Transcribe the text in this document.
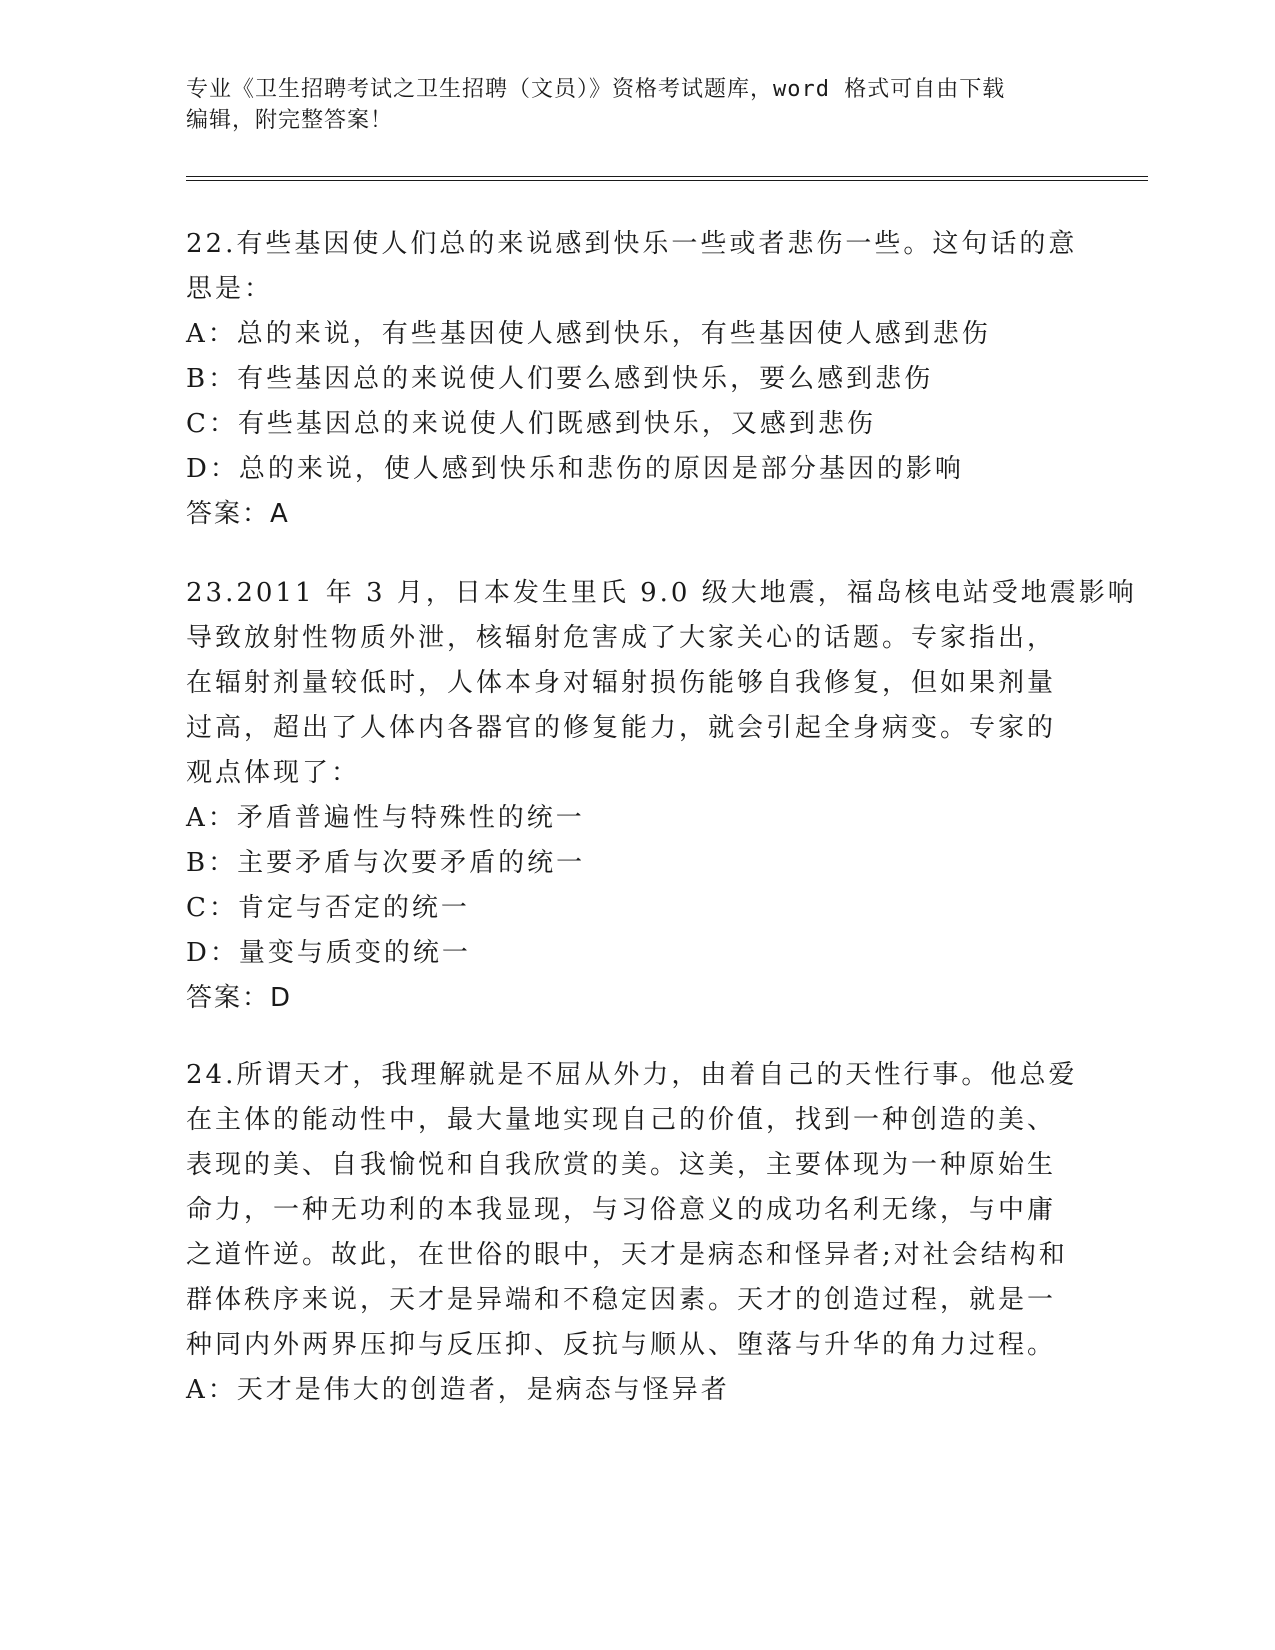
专业《卫生招聘考试之卫生招聘（文员）》资格考试题库，word 格式可自由下载
编辑，附完整答案！
22.有些基因使人们总的来说感到快乐一些或者悲伤一些。这句话的意
思是：
A：总的来说，有些基因使人感到快乐，有些基因使人感到悲伤
B：有些基因总的来说使人们要么感到快乐，要么感到悲伤
C：有些基因总的来说使人们既感到快乐，又感到悲伤
D：总的来说，使人感到快乐和悲伤的原因是部分基因的影响
答案：A
23.2011 年 3 月，日本发生里氏 9.0 级大地震，福岛核电站受地震影响
导致放射性物质外泄，核辐射危害成了大家关心的话题。专家指出，
在辐射剂量较低时，人体本身对辐射损伤能够自我修复，但如果剂量
过高，超出了人体内各器官的修复能力，就会引起全身病变。专家的
观点体现了：
A：矛盾普遍性与特殊性的统一
B：主要矛盾与次要矛盾的统一
C：肯定与否定的统一
D：量变与质变的统一
答案：D
24.所谓天才，我理解就是不屈从外力，由着自己的天性行事。他总爱
在主体的能动性中，最大量地实现自己的价值，找到一种创造的美、
表现的美、自我愉悦和自我欣赏的美。这美，主要体现为一种原始生
命力，一种无功利的本我显现，与习俗意义的成功名利无缘，与中庸
之道忤逆。故此，在世俗的眼中，天才是病态和怪异者;对社会结构和
群体秩序来说，天才是异端和不稳定因素。天才的创造过程，就是一
种同内外两界压抑与反压抑、反抗与顺从、堕落与升华的角力过程。
A：天才是伟大的创造者，是病态与怪异者
